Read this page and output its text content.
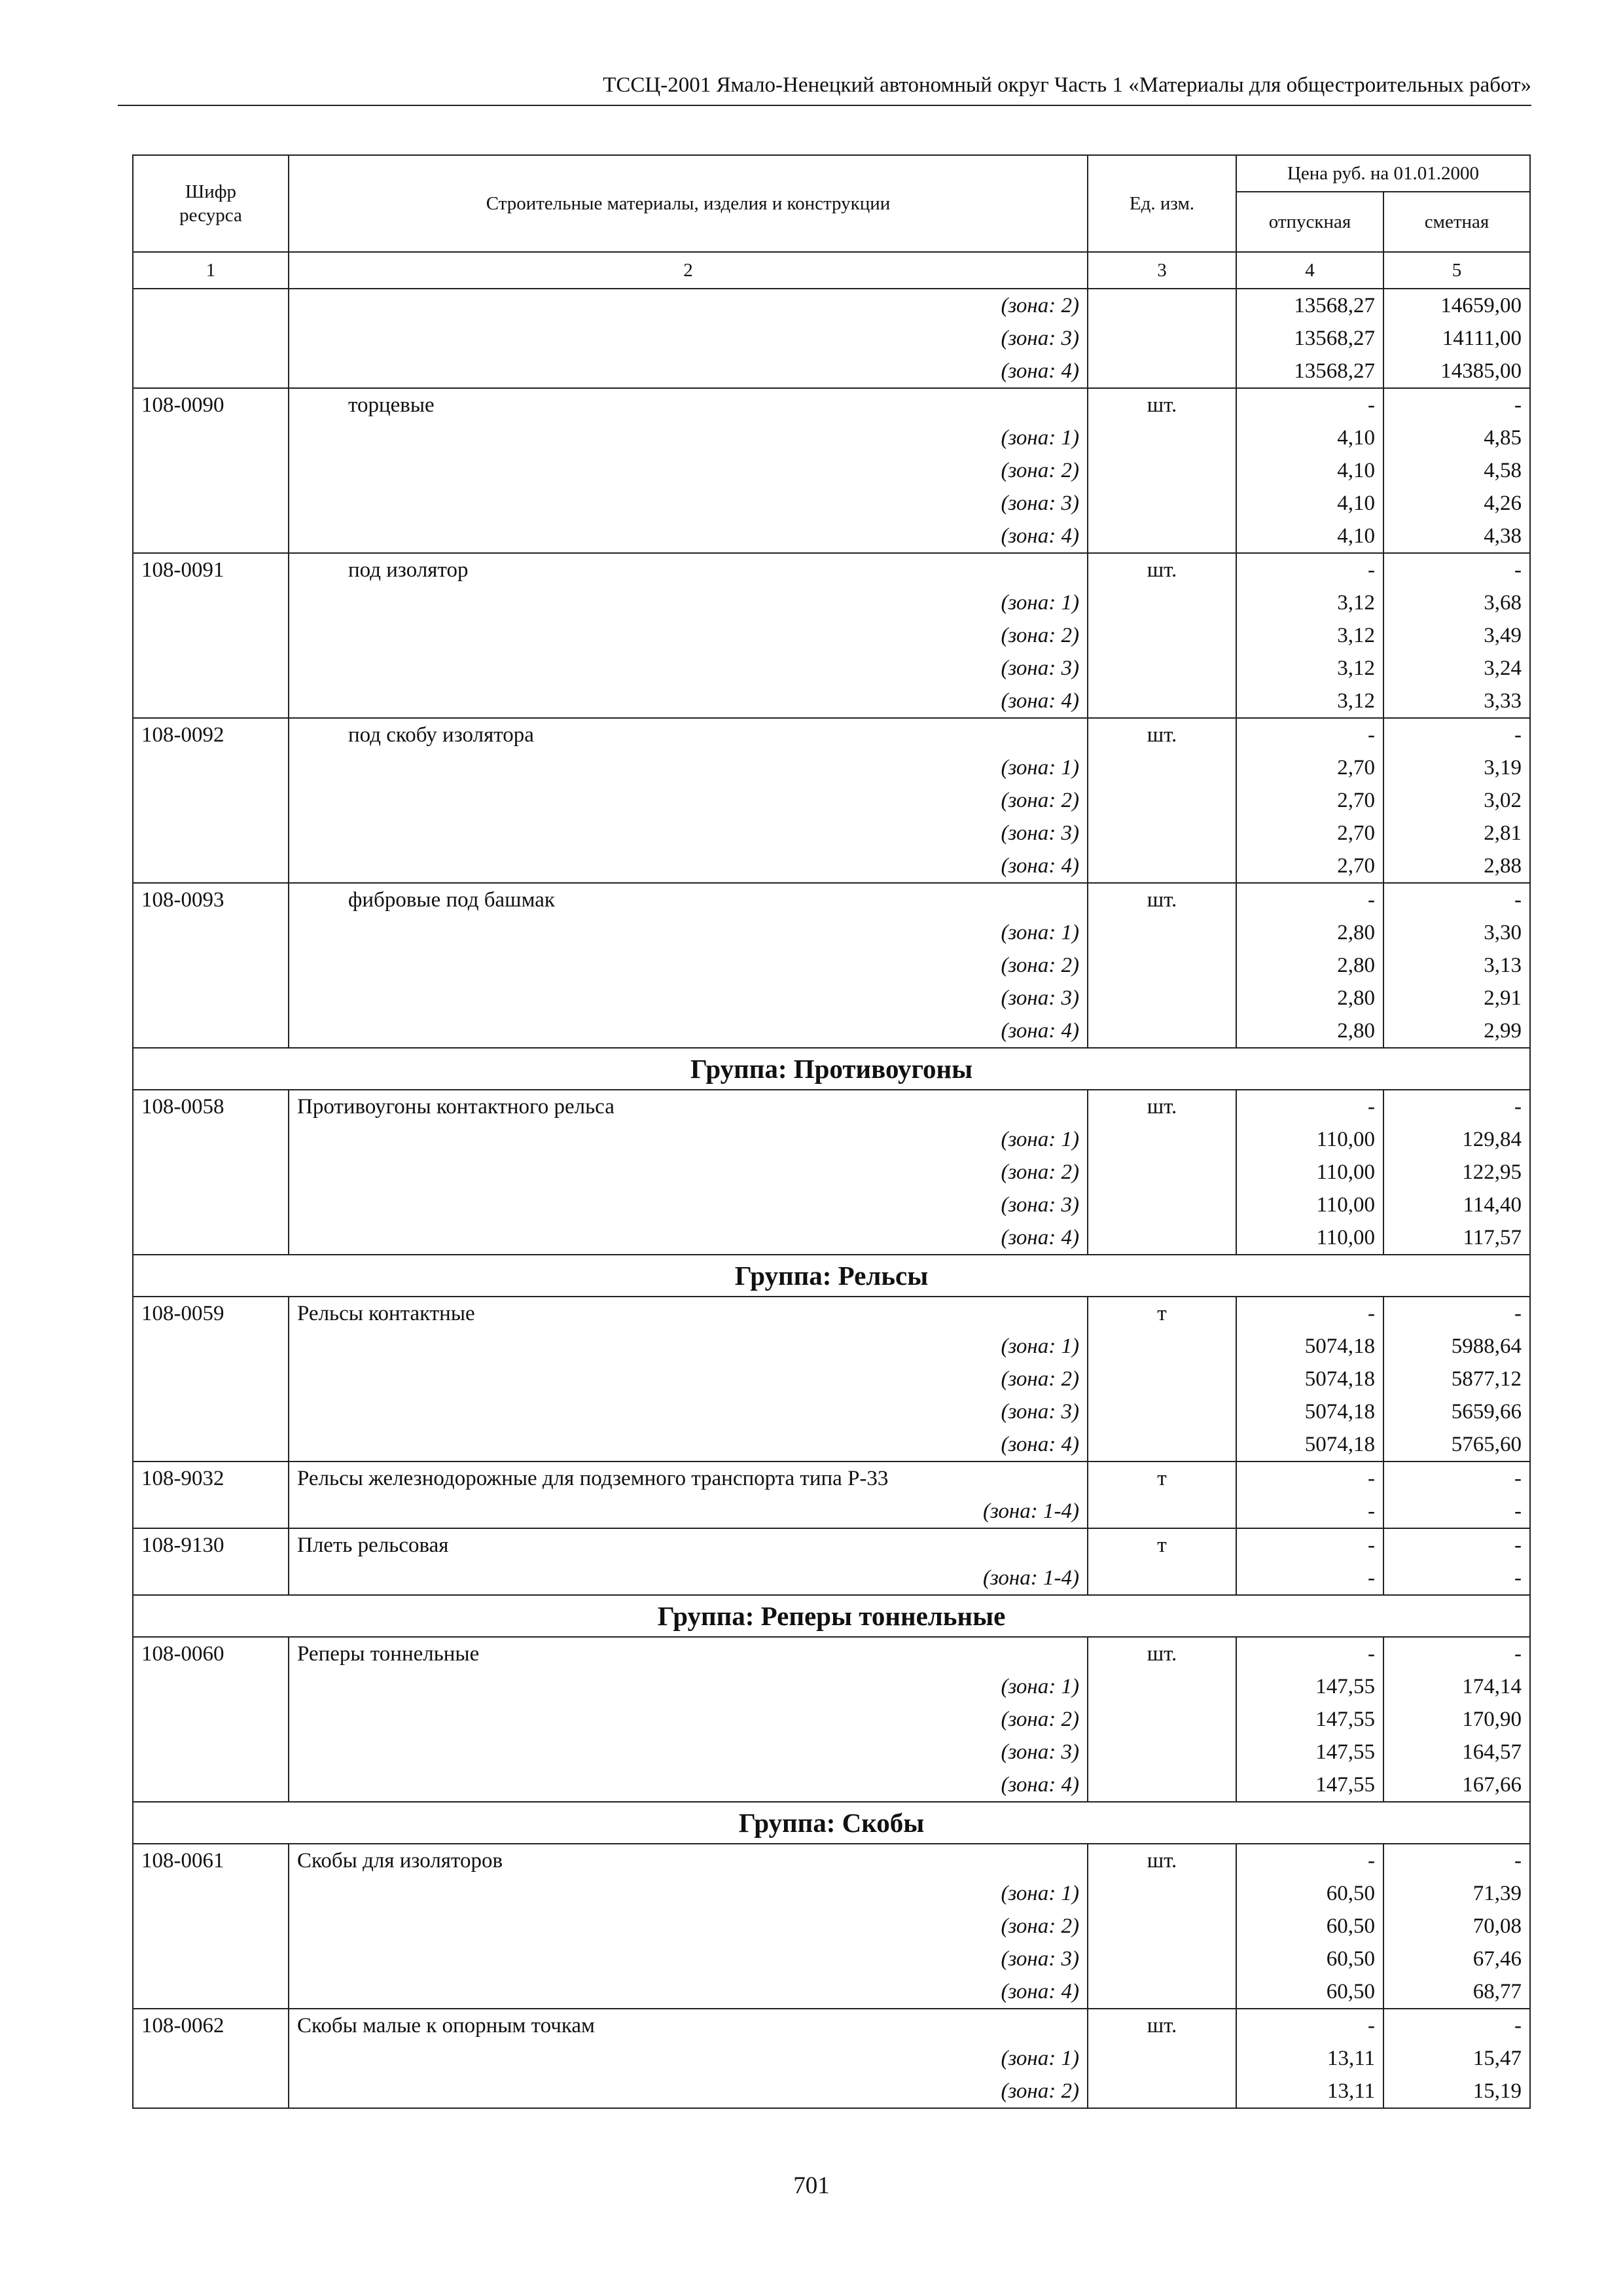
ТССЦ-2001 Ямало-Ненецкий автономный округ Часть 1 «Материалы для общестроительных работ»
Шифр ресурса	Строительные материалы, изделия и конструкции	Ед. изм.	Цена руб. на 01.01.2000	
			отпускная	сметная
1	2	3	4	5
	(зона: 2)		13568,27	14659,00
	(зона: 3)		13568,27	14111,00
	(зона: 4)		13568,27	14385,00
108-0090	торцевые	шт.	-	-
	(зона: 1)		4,10	4,85
	(зона: 2)		4,10	4,58
	(зона: 3)		4,10	4,26
	(зона: 4)		4,10	4,38
108-0091	под изолятор	шт.	-	-
	(зона: 1)		3,12	3,68
	(зона: 2)		3,12	3,49
	(зона: 3)		3,12	3,24
	(зона: 4)		3,12	3,33
108-0092	под скобу изолятора	шт.	-	-
	(зона: 1)		2,70	3,19
	(зона: 2)		2,70	3,02
	(зона: 3)		2,70	2,81
	(зона: 4)		2,70	2,88
108-0093	фибровые под башмак	шт.	-	-
	(зона: 1)		2,80	3,30
	(зона: 2)		2,80	3,13
	(зона: 3)		2,80	2,91
	(зона: 4)		2,80	2,99
Группа: Противоугоны				
108-0058	Противоугоны контактного рельса	шт.	-	-
	(зона: 1)		110,00	129,84
	(зона: 2)		110,00	122,95
	(зона: 3)		110,00	114,40
	(зона: 4)		110,00	117,57
Группа: Рельсы				
108-0059	Рельсы контактные	т	-	-
	(зона: 1)		5074,18	5988,64
	(зона: 2)		5074,18	5877,12
	(зона: 3)		5074,18	5659,66
	(зона: 4)		5074,18	5765,60
108-9032	Рельсы железнодорожные для подземного транспорта типа Р-33	т	-	-
	(зона: 1-4)		-	-
108-9130	Плеть рельсовая	т	-	-
	(зона: 1-4)		-	-
Группа: Реперы тоннельные				
108-0060	Реперы тоннельные	шт.	-	-
	(зона: 1)		147,55	174,14
	(зона: 2)		147,55	170,90
	(зона: 3)		147,55	164,57
	(зона: 4)		147,55	167,66
Группа: Скобы				
108-0061	Скобы для изоляторов	шт.	-	-
	(зона: 1)		60,50	71,39
	(зона: 2)		60,50	70,08
	(зона: 3)		60,50	67,46
	(зона: 4)		60,50	68,77
108-0062	Скобы малые к опорным точкам	шт.	-	-
	(зона: 1)		13,11	15,47
	(зона: 2)		13,11	15,19
701
